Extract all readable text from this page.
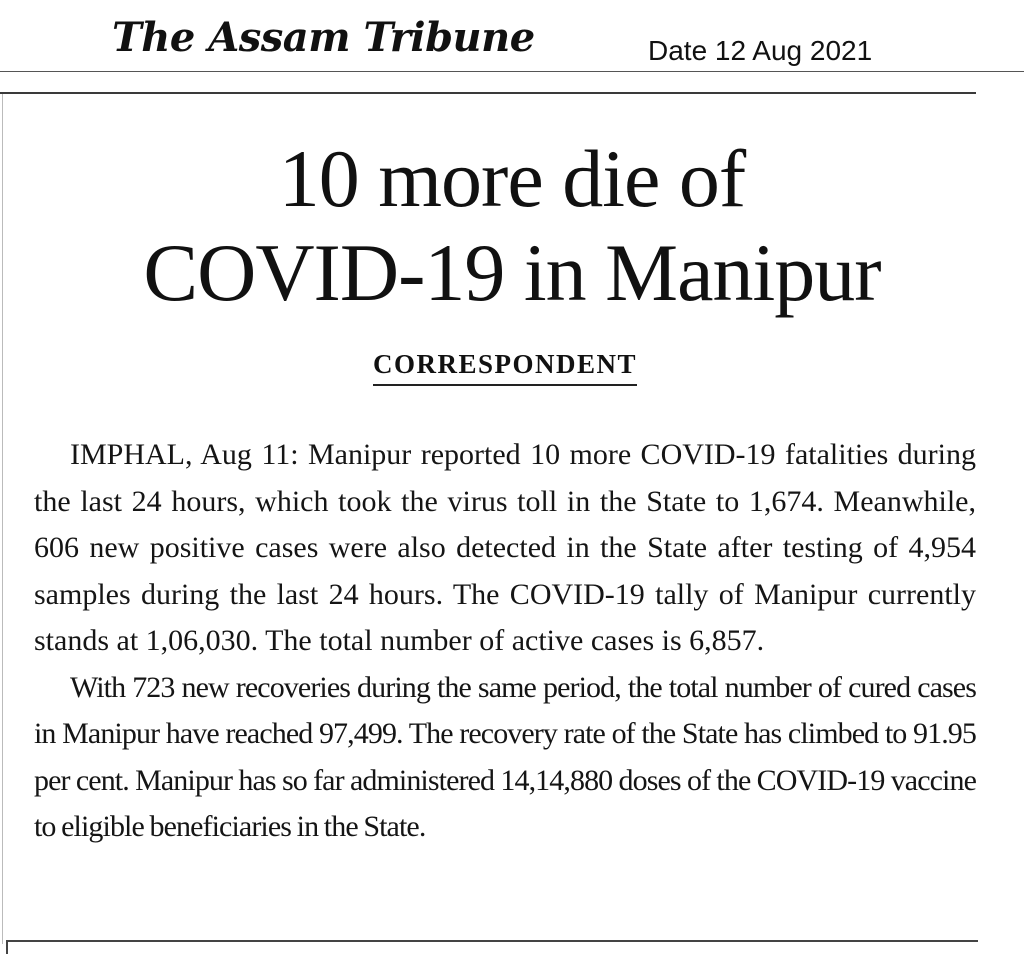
The Assam Tribune	Date 12 Aug 2021
10 more die of
COVID-19 in Manipur
CORRESPONDENT

IMPHAL, Aug 11: Manipur reported 10 more COVID-19 fatalities during the last 24 hours, which took the virus toll in the State to 1,674. Meanwhile, 606 new positive cases were also detected in the State after testing of 4,954 samples during the last 24 hours. The COVID-19 tally of Manipur currently stands at 1,06,030. The total number of active cases is 6,857.

With 723 new recoveries during the same period, the total number of cured cases in Manipur have reached 97,499. The recovery rate of the State has climbed to 91.95 per cent. Manipur has so far administered 14,14,880 doses of the COVID-19 vaccine to eligible beneficiaries in the State.
